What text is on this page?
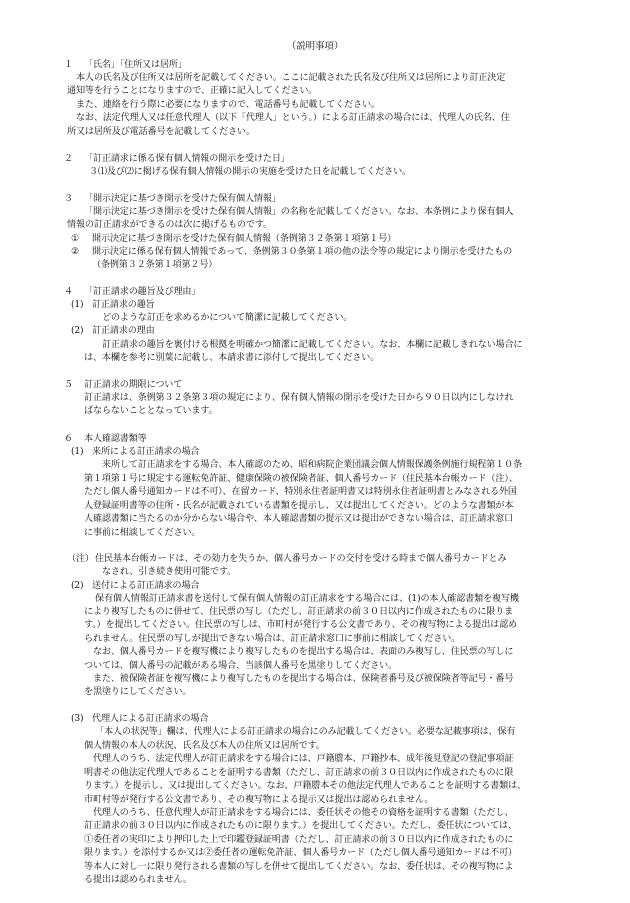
（説明事項）
１ 「氏名」「住所又は居所」
　本人の氏名及び住所又は居所を記載してください。ここに記載された氏名及び住所又は居所により訂正決定
通知等を行うことになりますので、正確に記入してください。
　また、連絡を行う際に必要になりますので、電話番号も記載してください。
　なお、法定代理人又は任意代理人（以下「代理人」という。）による訂正請求の場合には、代理人の氏名、住
所又は居所及び電話番号を記載してください。
２ 「訂正請求に係る保有個人情報の開示を受けた日」
３⑴及び⑵に掲げる保有個人情報の開示の実施を受けた日を記載してください。
３ 「開示決定に基づき開示を受けた保有個人情報」
「開示決定に基づき開示を受けた保有個人情報」の名称を記載してください。なお、本条例により保有個人
情報の訂正請求ができるのは次に掲げるものです。
① 開示決定に基づき開示を受けた保有個人情報（条例第３２条第１項第１号）
② 開示決定に係る保有個人情報であって、条例第３０条第１項の他の法令等の規定により開示を受けたもの
（条例第３２条第１項第２号）
４ 「訂正請求の趣旨及び理由」
(1) 訂正請求の趣旨
どのような訂正を求めるかについて簡潔に記載してください。
(2) 訂正請求の理由
訂正請求の趣旨を裏付ける根拠を明確かつ簡潔に記載してください。なお、本欄に記載しきれない場合に
は、本欄を参考に別葉に記載し、本請求書に添付して提出してください。
５ 訂正請求の期限について
訂正請求は、条例第３２条第３項の規定により、保有個人情報の開示を受けた日から９０日以内にしなけれ
ばならないこととなっています。
６ 本人確認書類等
(1) 来所による訂正請求の場合
来所して訂正請求をする場合、本人確認のため、昭和病院企業団議会個人情報保護条例施行規程第１０条
第１項第１号に規定する運転免許証、健康保険の被保険者証、個人番号カード（住民基本台帳カード（注）、
ただし個人番号通知カードは不可）、在留カード、特別永住者証明書又は特別永住者証明書とみなされる外国
人登録証明書等の住所・氏名が記載されている書類を提示し、又は提出してください。どのような書類が本
人確認書類に当たるのか分からない場合や、本人確認書類の提示又は提出ができない場合は、訂正請求窓口
に事前に相談してください。
（注） 住民基本台帳カードは、その効力を失うか、個人番号カードの交付を受ける時まで個人番号カードとみ
なされ、引き続き使用可能です。
(2) 送付による訂正請求の場合
保有個人情報訂正請求書を送付して保有個人情報の訂正請求をする場合には、(1)の本人確認書類を複写機
により複写したものに併せて、住民票の写し（ただし、訂正請求の前３０日以内に作成されたものに限りま
す。）を提出してください。住民票の写しは、市町村が発行する公文書であり、その複写物による提出は認め
られません。住民票の写しが提出できない場合は、訂正請求窓口に事前に相談してください。
　なお、個人番号カードを複写機により複写したものを提出する場合は、表面のみ複写し、住民票の写しに
ついては、個人番号の記載がある場合、当該個人番号を黒塗りしてください。
　また、被保険者証を複写機により複写したものを提出する場合は、保険者番号及び被保険者等記号・番号
を黒塗りにしてください。
(3) 代理人による訂正請求の場合
「本人の状況等」欄は、代理人による訂正請求の場合にのみ記載してください。必要な記載事項は、保有
個人情報の本人の状況、氏名及び本人の住所又は居所です。
　代理人のうち、法定代理人が訂正請求をする場合には、戸籍謄本、戸籍抄本、成年後見登記の登記事項証
明書その他法定代理人であることを証明する書類（ただし、訂正請求の前３０日以内に作成されたものに限
ります。）を提示し、又は提出してください。なお、戸籍謄本その他法定代理人であることを証明する書類は、
市町村等が発行する公文書であり、その複写物による提示又は提出は認められません。
　代理人のうち、任意代理人が訂正請求をする場合には、委任状その他その資格を証明する書類（ただし、
訂正請求の前３０日以内に作成されたものに限ります。）を提出してください。ただし、委任状については、
①委任者の実印により押印した上で印鑑登録証明書（ただし、訂正請求の前３０日以内に作成されたものに
限ります。）を添付するか又は②委任者の運転免許証、個人番号カード（ただし個人番号通知カードは不可）
等本人に対し一に限り発行される書類の写しを併せて提出してください。なお、委任状は、その複写物によ
る提出は認められません。
